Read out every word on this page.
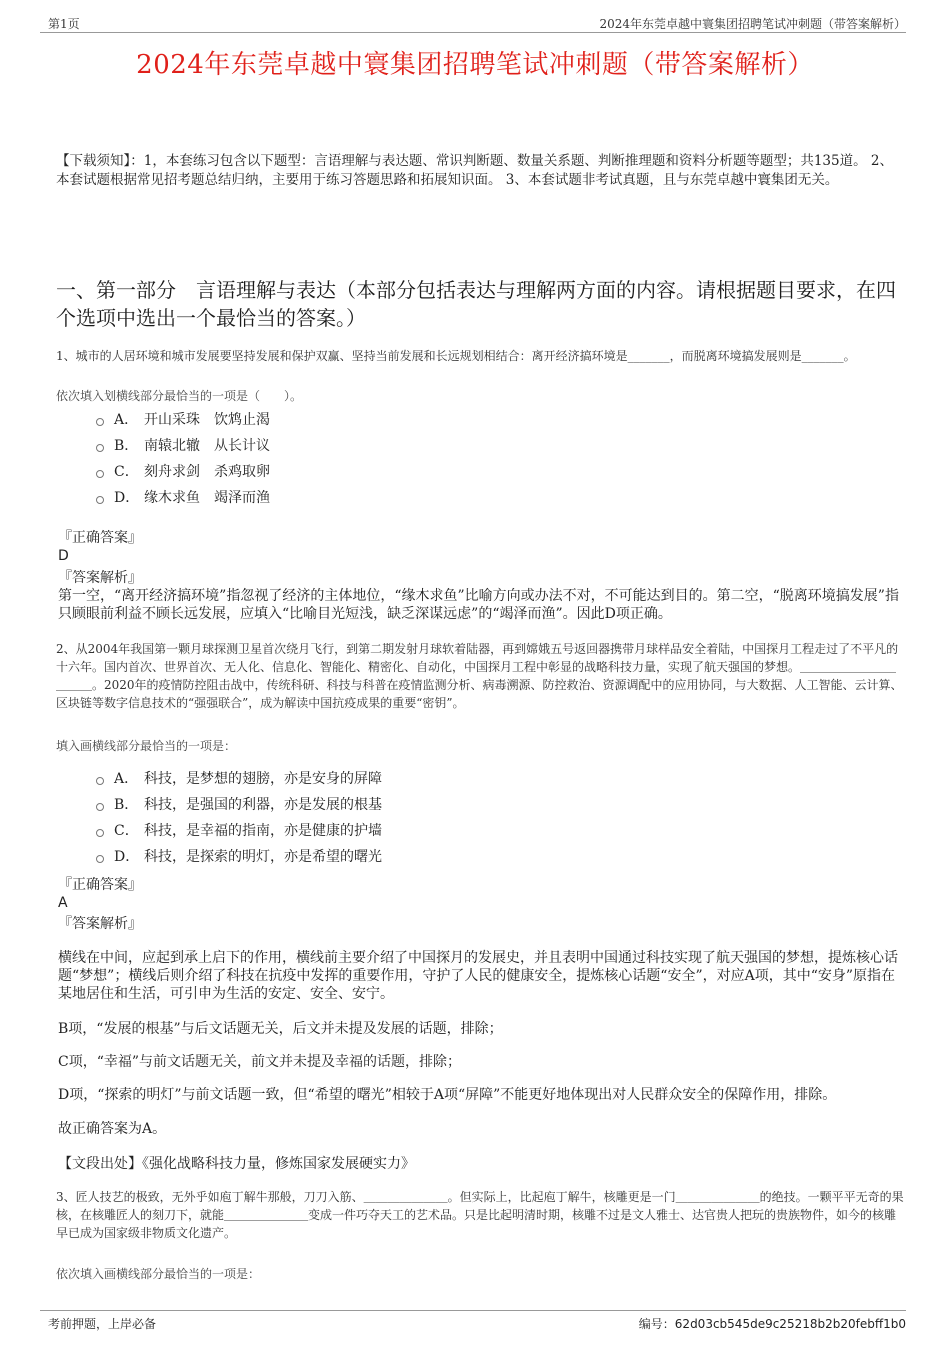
第1页	2024年东莞卓越中寰集团招聘笔试冲刺题（带答案解析）
2024年东莞卓越中寰集团招聘笔试冲刺题（带答案解析）
【下载须知】：1，本套练习包含以下题型：言语理解与表达题、常识判断题、数量关系题、判断推理题和资料分析题等题型；共135道。 2、本套试题根据常见招考题总结归纳，主要用于练习答题思路和拓展知识面。 3、本套试题非考试真题，且与东莞卓越中寰集团无关。
一、第一部分　言语理解与表达（本部分包括表达与理解两方面的内容。请根据题目要求，在四个选项中选出一个最恰当的答案。）
1、城市的人居环境和城市发展要坚持发展和保护双赢、坚持当前发展和长远规划相结合：离开经济搞环境是_______，而脱离环境搞发展则是_______。
依次填入划横线部分最恰当的一项是（　　）。
A． 开山采珠　饮鸩止渴
B． 南辕北辙　从长计议
C． 刻舟求剑　杀鸡取卵
D． 缘木求鱼　竭泽而渔
『正确答案』
D
『答案解析』
第一空，“离开经济搞环境”指忽视了经济的主体地位，“缘木求鱼”比喻方向或办法不对，不可能达到目的。第二空，“脱离环境搞发展”指只顾眼前利益不顾长远发展，应填入“比喻目光短浅，缺乏深谋远虑”的“竭泽而渔”。因此D项正确。
2、从2004年我国第一颗月球探测卫星首次绕月飞行，到第二期发射月球软着陆器，再到嫦娥五号返回器携带月球样品安全着陆，中国探月工程走过了不平凡的十六年。国内首次、世界首次、无人化、信息化、智能化、精密化、自动化，中国探月工程中彰显的战略科技力量，实现了航天强国的梦想。＿＿＿＿＿＿＿＿＿＿＿。2020年的疫情防控阻击战中，传统科研、科技与科普在疫情监测分析、病毒溯源、防控救治、资源调配中的应用协同，与大数据、人工智能、云计算、区块链等数字信息技术的“强强联合”，成为解读中国抗疫成果的重要“密钥”。
填入画横线部分最恰当的一项是：
A． 科技，是梦想的翅膀，亦是安身的屏障
B． 科技，是强国的利器，亦是发展的根基
C． 科技，是幸福的指南，亦是健康的护墙
D． 科技，是探索的明灯，亦是希望的曙光
『正确答案』
A
『答案解析』
横线在中间，应起到承上启下的作用，横线前主要介绍了中国探月的发展史，并且表明中国通过科技实现了航天强国的梦想，提炼核心话题“梦想”；横线后则介绍了科技在抗疫中发挥的重要作用，守护了人民的健康安全，提炼核心话题“安全”，对应A项，其中“安身”原指在某地居住和生活，可引申为生活的安定、安全、安宁。
B项，“发展的根基”与后文话题无关，后文并未提及发展的话题，排除；
C项，“幸福”与前文话题无关，前文并未提及幸福的话题，排除；
D项，“探索的明灯”与前文话题一致，但“希望的曙光”相较于A项“屏障”不能更好地体现出对人民群众安全的保障作用，排除。
故正确答案为A。
【文段出处】《强化战略科技力量，修炼国家发展硬实力》
3、匠人技艺的极致，无外乎如庖丁解牛那般，刀刀入筋、＿＿＿＿＿＿＿。但实际上，比起庖丁解牛，核雕更是一门＿＿＿＿＿＿＿的绝技。一颗平平无奇的果核，在核雕匠人的刻刀下，就能＿＿＿＿＿＿＿变成一件巧夺天工的艺术品。只是比起明清时期，核雕不过是文人雅士、达官贵人把玩的贵族物件，如今的核雕早已成为国家级非物质文化遗产。
依次填入画横线部分最恰当的一项是：
考前押题，上岸必备	编号：62d03cb545de9c25218b2b20febff1b0
